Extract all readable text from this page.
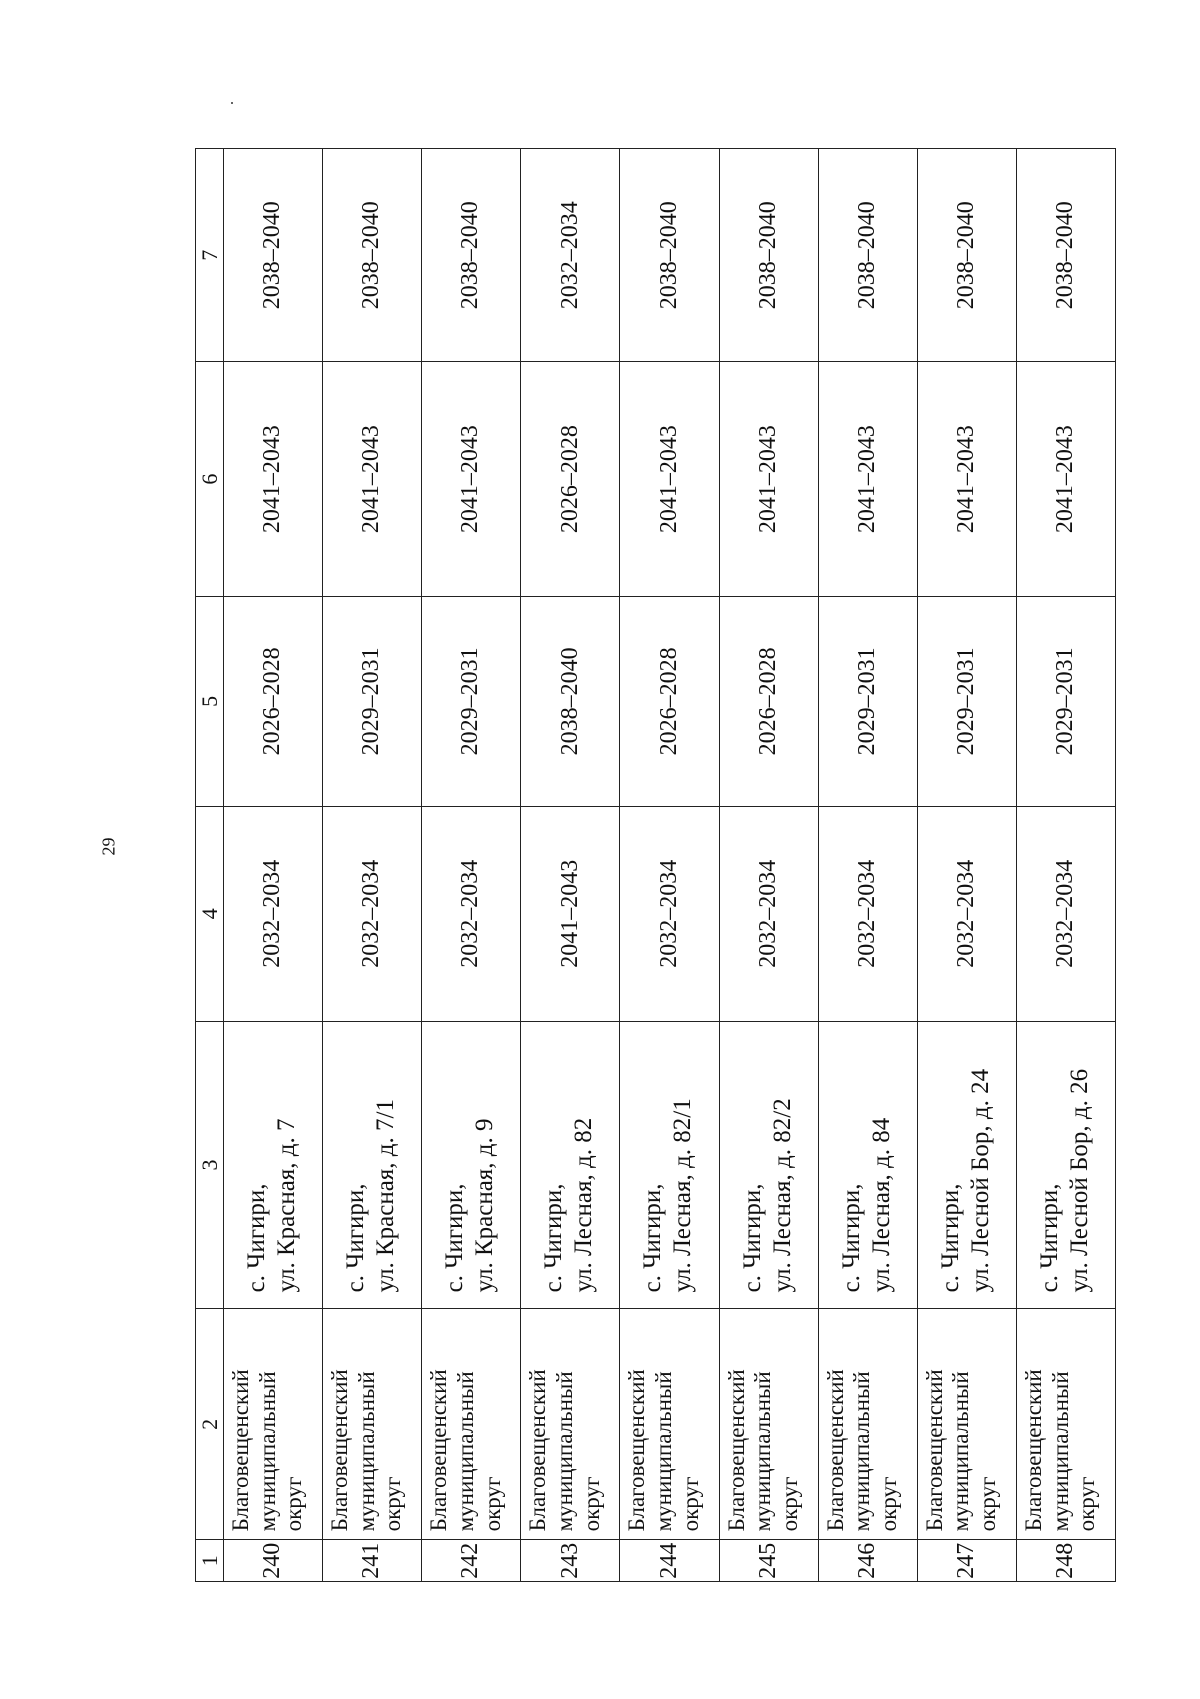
29
1	2	3	4	5	6	7
240	Благовещенский муниципальный округ	с. Чигири, ул. Красная, д. 7	2032–2034	2026–2028	2041–2043	2038–2040
241	Благовещенский муниципальный округ	с. Чигири, ул. Красная, д. 7/1	2032–2034	2029–2031	2041–2043	2038–2040
242	Благовещенский муниципальный округ	с. Чигири, ул. Красная, д. 9	2032–2034	2029–2031	2041–2043	2038–2040
243	Благовещенский муниципальный округ	с. Чигири, ул. Лесная, д. 82	2041–2043	2038–2040	2026–2028	2032–2034
244	Благовещенский муниципальный округ	с. Чигири, ул. Лесная, д. 82/1	2032–2034	2026–2028	2041–2043	2038–2040
245	Благовещенский муниципальный округ	с. Чигири, ул. Лесная, д. 82/2	2032–2034	2026–2028	2041–2043	2038–2040
246	Благовещенский муниципальный округ	с. Чигири, ул. Лесная, д. 84	2032–2034	2029–2031	2041–2043	2038–2040
247	Благовещенский муниципальный округ	с. Чигири, ул. Лесной Бор, д. 24	2032–2034	2029–2031	2041–2043	2038–2040
248	Благовещенский муниципальный округ	с. Чигири, ул. Лесной Бор, д. 26	2032–2034	2029–2031	2041–2043	2038–2040
